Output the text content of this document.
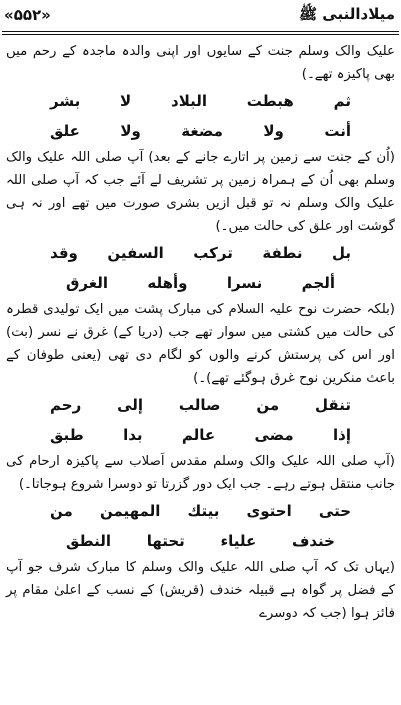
«۵۵۲»	میلادالنبی ﷺ

علیک والک وسلم جنت کے سایوں اور اپنی والدہ ماجدہ کے رحم میں بھی پاکیزہ تھے۔)

ثم
هبطت
البلاد
لا
بشر
أنت
ولا
مضغة
ولا
علق

(اُن کے جنت سے زمین پر اتارے جانے کے بعد) آپ صلی اللہ علیک والک وسلم بھی اُن کے ہمراہ زمین پر تشریف لے آئے جب کہ آپ صلی اللہ علیک والک وسلم نہ تو قبل ازیں بشری صورت میں تھے اور نہ ہی گوشت اور علق کی حالت میں۔)

بل
نطفة
تركب
السفين
وقد
ألجم
نسرا
وأهله
الغرق

(بلکہ حضرت نوح علیہ السلام کی مبارک پشت میں ایک تولیدی قطرہ کی حالت میں کشتی میں سوار تھے جب (دریا کے) غرق نے نسر (بت) اور اس کی پرستش کرنے والوں کو لگام دی تھی (یعنی طوفان کے باعث منکرین نوح غرق ہوگئے تھے)۔)

تنقل
من
صالب
إلى
رحم
إذا
مضى
عالم
بدا
طبق

(آپ صلی اللہ علیک والک وسلم مقدس اَصلاب سے پاکیزہ ارحام کی جانب منتقل ہوتے رہے۔ جب ایک دور گزرتا تو دوسرا شروع ہوجاتا۔)

حتى
احتوى
بيتك
المهيمن
من
خندف
علياء
تحتها
النطق

(یہاں تک کہ آپ صلی اللہ علیک والک وسلم کا مبارک شرف جو آپ کے فضل پر گواہ ہے قبیلہ خندف (قریش) کے نسب کے اعلیٰ مقام پر فائز ہوا (جب کہ دوسرے
